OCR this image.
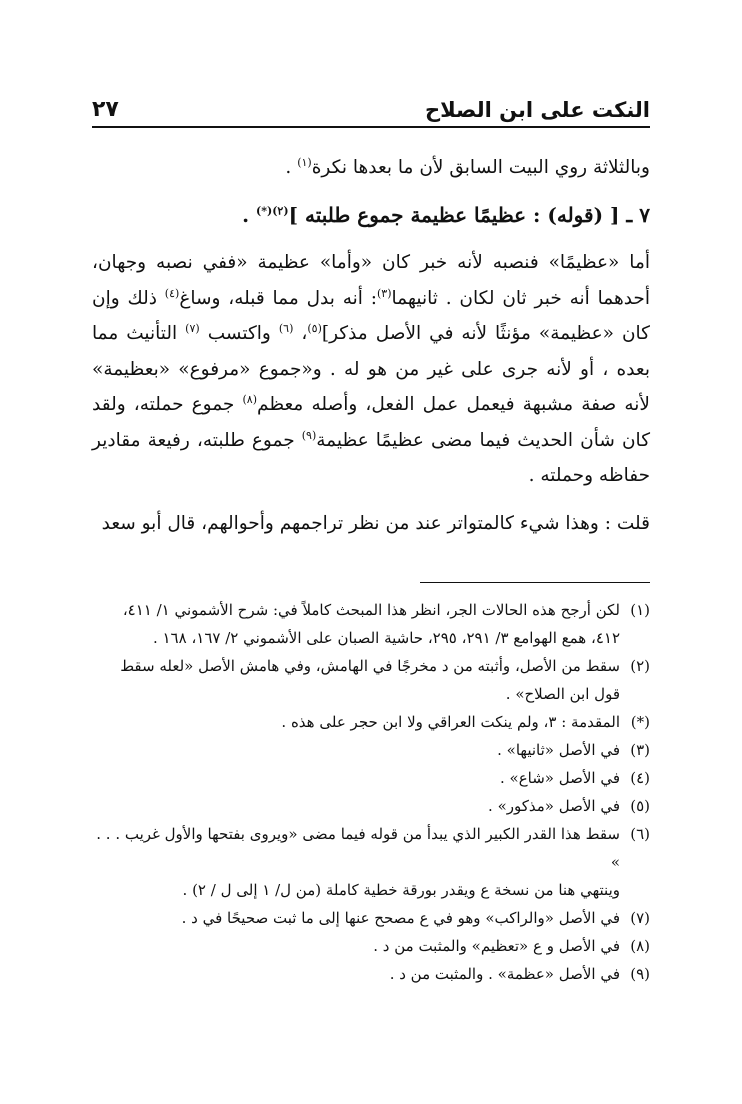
النكت على ابن الصلاح
٢٧

وبالثلاثة روي البيت السابق لأن ما بعدها نكرة$^{(١)}$ .

٧ ـ [ (قوله) : عظيمًا عظيمة جموع طلبته ]$^{(٢)(*)}$ .

أما «عظيمًا» فنصبه لأنه خبر كان «وأما» عظيمة «ففي نصبه وجهان، أحدهما أنه خبر ثان لكان . ثانيهما$^{(٣)}$: أنه بدل مما قبله، وساغ$^{(٤)}$ ذلك وإن كان «عظيمة» مؤنثًا لأنه في الأصل مذكر]$^{(٥)}$، $^{(٦)}$ واكتسب $^{(٧)}$ التأنيث مما بعده ، أو لأنه جرى على غير من هو له . و«جموع «مرفوع» «بعظيمة» لأنه صفة مشبهة فيعمل عمل الفعل، وأصله معظم$^{(٨)}$ جموع حملته، ولقد كان شأن الحديث فيما مضى عظيمًا عظيمة$^{(٩)}$ جموع طلبته، رفيعة مقادير حفاظه وحملته .

قلت : وهذا شيء كالمتواتر عند من نظر تراجمهم وأحوالهم، قال أبو سعد

(١)لكن أرجح هذه الحالات الجر، انظر هذا المبحث كاملاً في: شرح الأشموني ١/ ٤١١، ٤١٢، همع الهوامع ٣/ ٢٩١، ٢٩٥، حاشية الصبان على الأشموني ٢/ ١٦٧، ١٦٨ .

(٢)سقط من الأصل، وأثبته من د مخرجًا في الهامش، وفي هامش الأصل «لعله سقط قول ابن الصلاح» .

(*)المقدمة : ٣، ولم ينكت العراقي ولا ابن حجر على هذه .

(٣)في الأصل «ثانيها» .

(٤)في الأصل «شاع» .

(٥)في الأصل «مذكور» .

(٦)سقط هذا القدر الكبير الذي يبدأ من قوله فيما مضى «ويروى بفتحها والأول غريب . . . »

وينتهي هنا من نسخة ع ويقدر بورقة خطية كاملة (من ل/ ١ إلى ل / ٢) .

(٧)في الأصل «والراكب» وهو في ع مصحح عنها إلى ما ثبت صحيحًا في د .

(٨)في الأصل و ع «تعظيم» والمثبت من د .

(٩)في الأصل «عظمة» . والمثبت من د .
